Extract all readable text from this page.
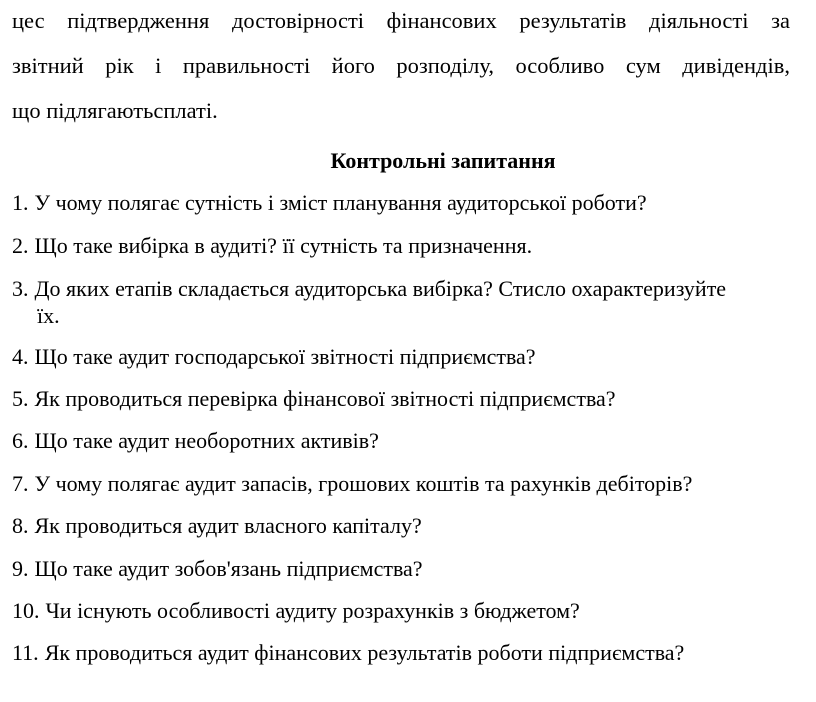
цес підтвердження достовірності фінансових результатів діяльності за
звітний рік і правильності його розподілу, особливо сум дивідендів,
що підлягаютьсплаті.
Контрольні запитання
1. У чому полягає сутність і зміст планування аудиторської роботи?
2. Що таке вибірка в аудиті? її сутність та призначення.
3. До яких етапів складається аудиторська вибірка? Стисло охарактеризуйте
їх.
4. Що таке аудит господарської звітності підприємства?
5. Як проводиться перевірка фінансової звітності підприємства?
6. Що таке аудит необоротних активів?
7. У чому полягає аудит запасів, грошових коштів та рахунків дебіторів?
8. Як проводиться аудит власного капіталу?
9. Що таке аудит зобов'язань підприємства?
10. Чи існують особливості аудиту розрахунків з бюджетом?
11. Як проводиться аудит фінансових результатів роботи підприємства?
